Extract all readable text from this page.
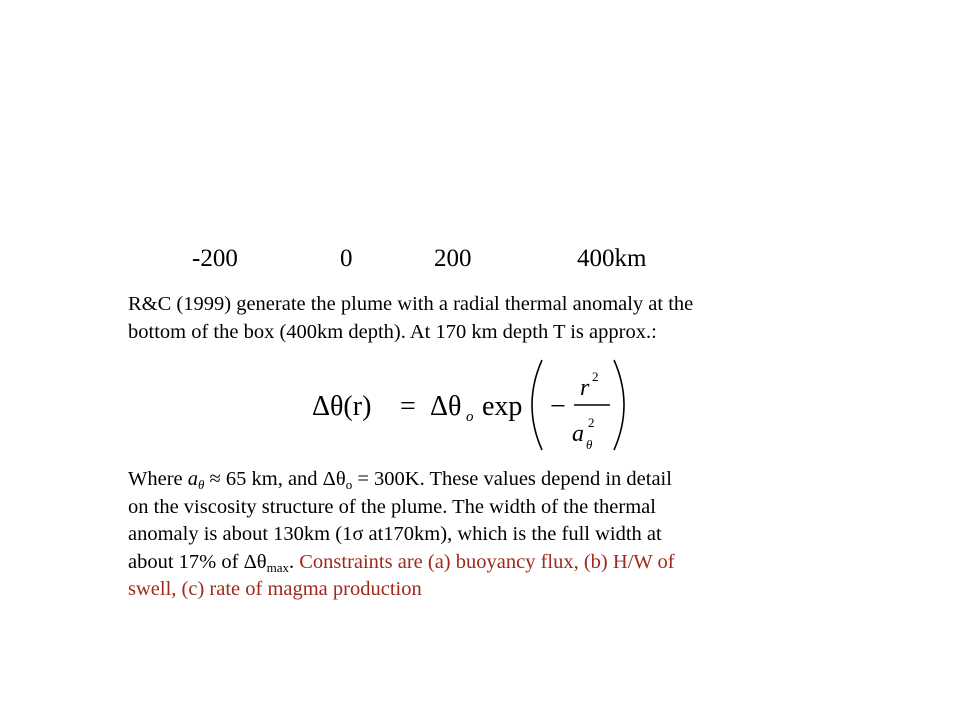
-200	0	200	400km
R&C (1999) generate the plume with a radial thermal anomaly at the
bottom of the box (400km depth). At 170 km depth T is approx.:
Δθ(r) = Δθ o exp −
r 2
a 2
θ
Where $a_\theta \approx 65$ km, and $\Delta\theta_o = 300K$. These values depend in detail
on the viscosity structure of the plume. The width of the thermal
anomaly is about 130km (1σ at170km), which is the full width at
about 17% of $\Delta\theta_{max}$. Constraints are (a) buoyancy flux, (b) H/W of
swell, (c) rate of magma production
